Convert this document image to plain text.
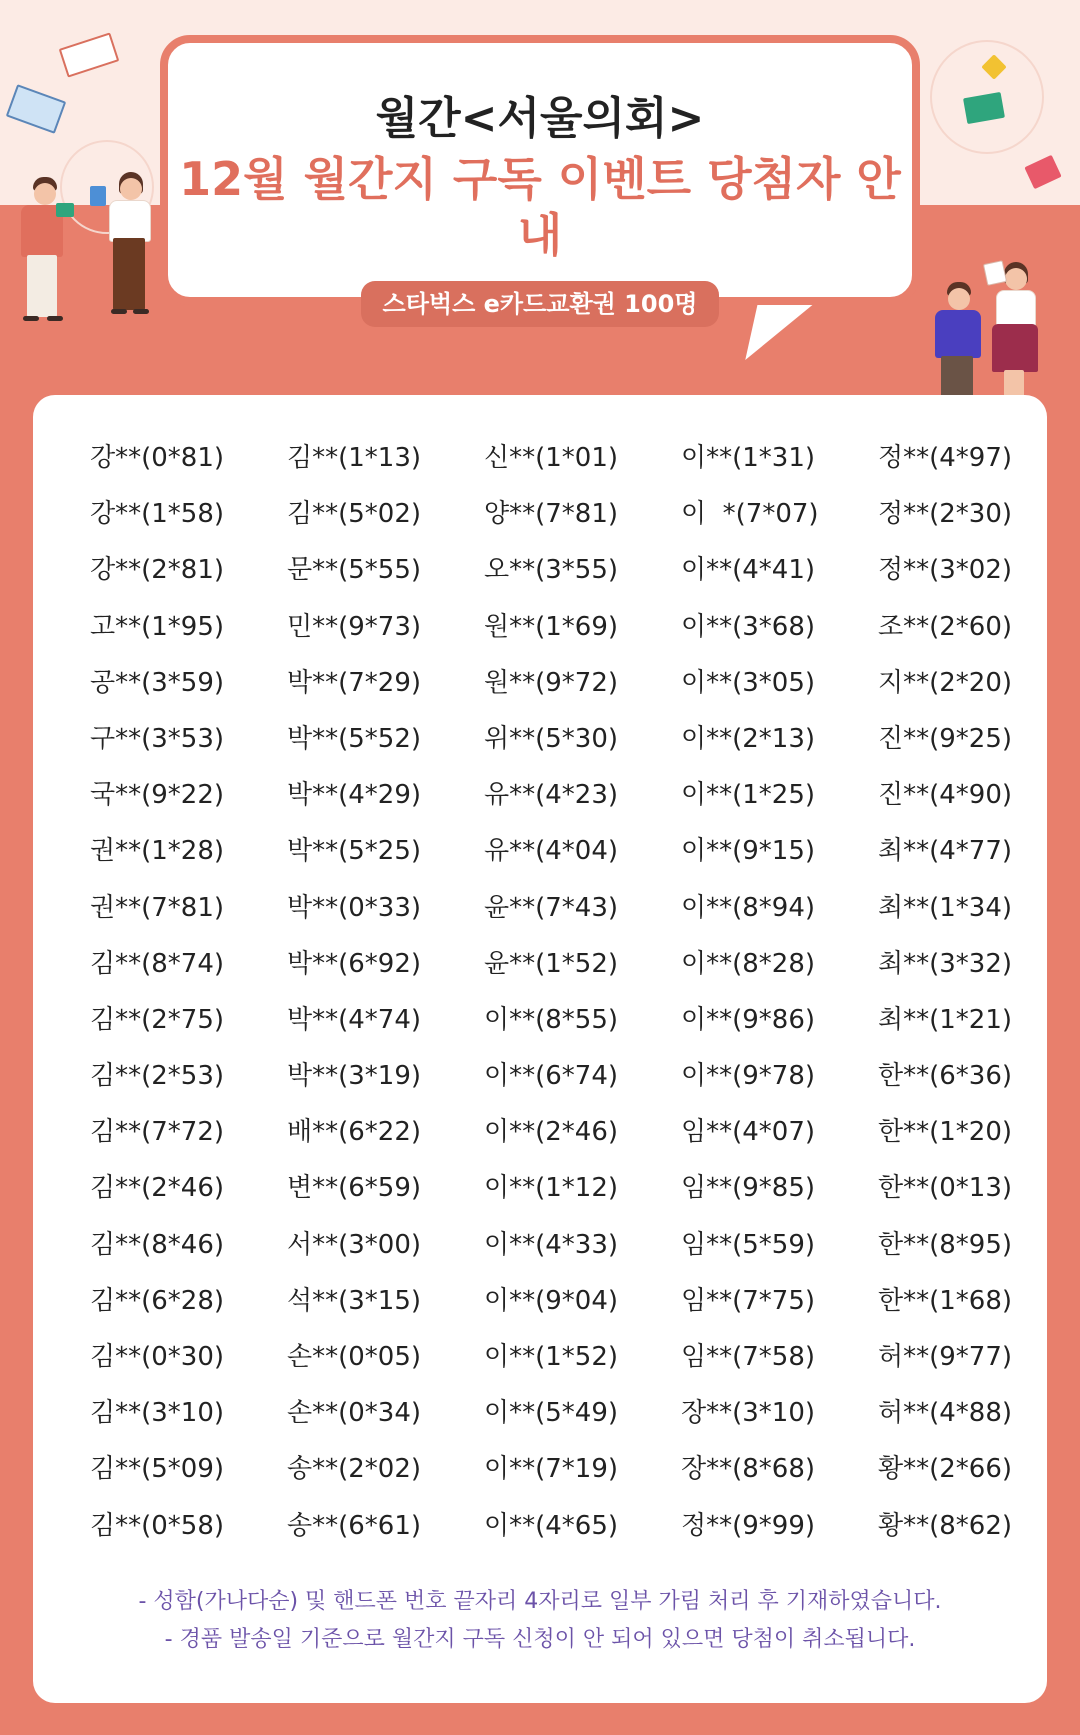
월간<서울의회>
12월 월간지 구독 이벤트 당첨자 안내
스타벅스 e카드교환권 100명
강**(0*81)	김**(1*13)	신**(1*01)	이**(1*31)	정**(4*97)
강**(1*58)	김**(5*02)	양**(7*81)	이  *(7*07)	정**(2*30)
강**(2*81)	문**(5*55)	오**(3*55)	이**(4*41)	정**(3*02)
고**(1*95)	민**(9*73)	원**(1*69)	이**(3*68)	조**(2*60)
공**(3*59)	박**(7*29)	원**(9*72)	이**(3*05)	지**(2*20)
구**(3*53)	박**(5*52)	위**(5*30)	이**(2*13)	진**(9*25)
국**(9*22)	박**(4*29)	유**(4*23)	이**(1*25)	진**(4*90)
권**(1*28)	박**(5*25)	유**(4*04)	이**(9*15)	최**(4*77)
권**(7*81)	박**(0*33)	윤**(7*43)	이**(8*94)	최**(1*34)
김**(8*74)	박**(6*92)	윤**(1*52)	이**(8*28)	최**(3*32)
김**(2*75)	박**(4*74)	이**(8*55)	이**(9*86)	최**(1*21)
김**(2*53)	박**(3*19)	이**(6*74)	이**(9*78)	한**(6*36)
김**(7*72)	배**(6*22)	이**(2*46)	임**(4*07)	한**(1*20)
김**(2*46)	변**(6*59)	이**(1*12)	임**(9*85)	한**(0*13)
김**(8*46)	서**(3*00)	이**(4*33)	임**(5*59)	한**(8*95)
김**(6*28)	석**(3*15)	이**(9*04)	임**(7*75)	한**(1*68)
김**(0*30)	손**(0*05)	이**(1*52)	임**(7*58)	허**(9*77)
김**(3*10)	손**(0*34)	이**(5*49)	장**(3*10)	허**(4*88)
김**(5*09)	송**(2*02)	이**(7*19)	장**(8*68)	황**(2*66)
김**(0*58)	송**(6*61)	이**(4*65)	정**(9*99)	황**(8*62)
- 성함(가나다순) 및 핸드폰 번호 끝자리 4자리로 일부 가림 처리 후 기재하였습니다.
- 경품 발송일 기준으로 월간지 구독 신청이 안 되어 있으면 당첨이 취소됩니다.
